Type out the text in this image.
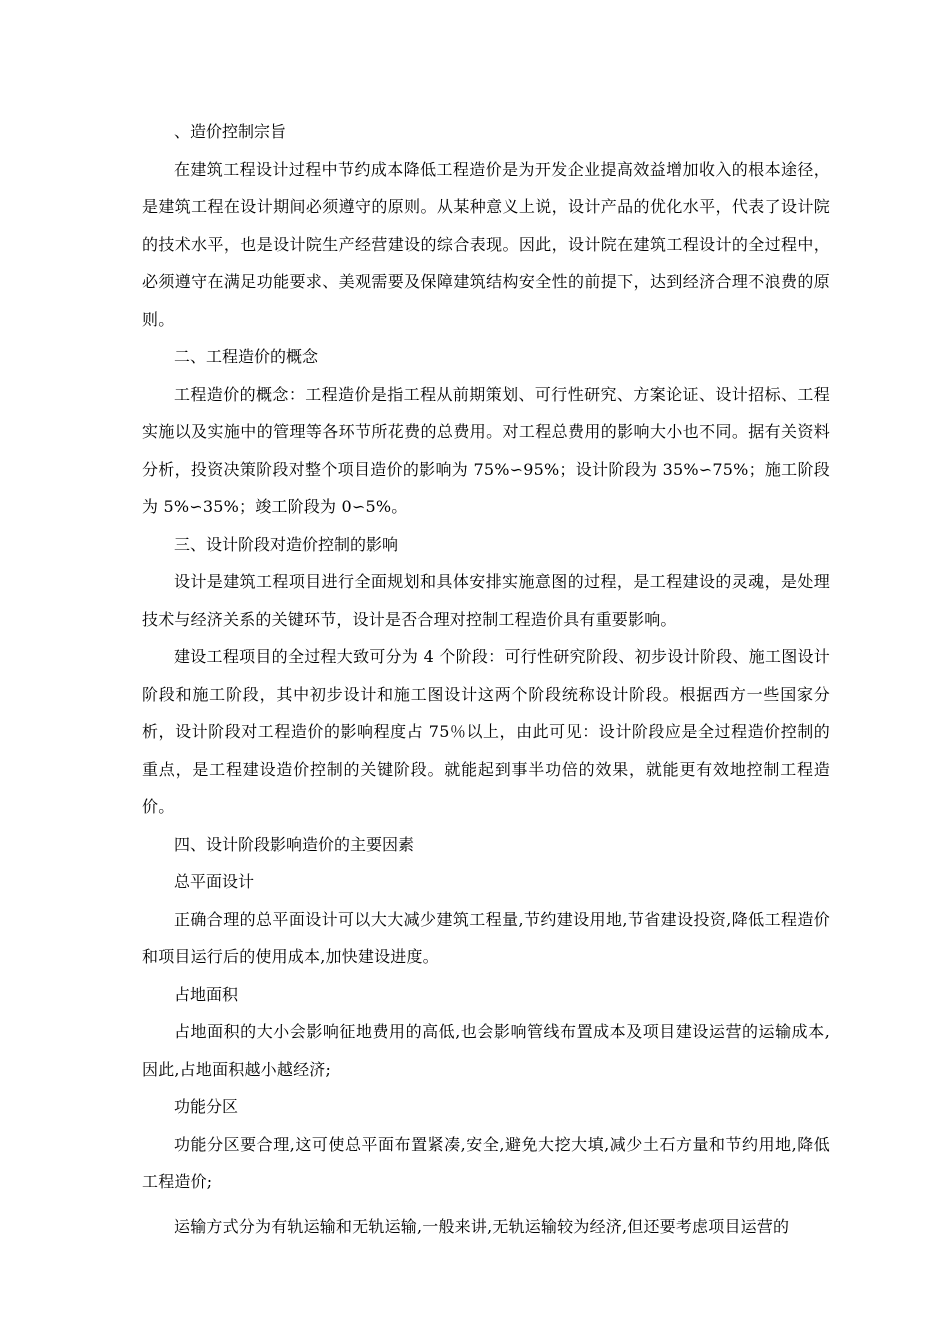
、造价控制宗旨

在建筑工程设计过程中节约成本降低工程造价是为开发企业提高效益增加收入的根本途径，是建筑工程在设计期间必须遵守的原则。从某种意义上说，设计产品的优化水平，代表了设计院的技术水平，也是设计院生产经营建设的综合表现。因此，设计院在建筑工程设计的全过程中，必须遵守在满足功能要求、美观需要及保障建筑结构安全性的前提下，达到经济合理不浪费的原则。

二、工程造价的概念

工程造价的概念：工程造价是指工程从前期策划、可行性研究、方案论证、设计招标、工程实施以及实施中的管理等各环节所花费的总费用。对工程总费用的影响大小也不同。据有关资料分析，投资决策阶段对整个项目造价的影响为 75%∽95%；设计阶段为 35%∽75%；施工阶段为 5%∽35%；竣工阶段为 0∽5%。

三、设计阶段对造价控制的影响

设计是建筑工程项目进行全面规划和具体安排实施意图的过程，是工程建设的灵魂，是处理技术与经济关系的关键环节，设计是否合理对控制工程造价具有重要影响。

建设工程项目的全过程大致可分为 4 个阶段：可行性研究阶段、初步设计阶段、施工图设计阶段和施工阶段，其中初步设计和施工图设计这两个阶段统称设计阶段。根据西方一些国家分析，设计阶段对工程造价的影响程度占 75％以上，由此可见：设计阶段应是全过程造价控制的重点，是工程建设造价控制的关键阶段。就能起到事半功倍的效果，就能更有效地控制工程造价。

四、设计阶段影响造价的主要因素

总平面设计

正确合理的总平面设计可以大大减少建筑工程量,节约建设用地,节省建设投资,降低工程造价和项目运行后的使用成本,加快建设进度。

占地面积

占地面积的大小会影响征地费用的高低,也会影响管线布置成本及项目建设运营的运输成本,因此,占地面积越小越经济;

功能分区

功能分区要合理,这可使总平面布置紧凑,安全,避免大挖大填,减少土石方量和节约用地,降低工程造价;

运输方式分为有轨运输和无轨运输,一般来讲,无轨运输较为经济,但还要考虑项目运营的
